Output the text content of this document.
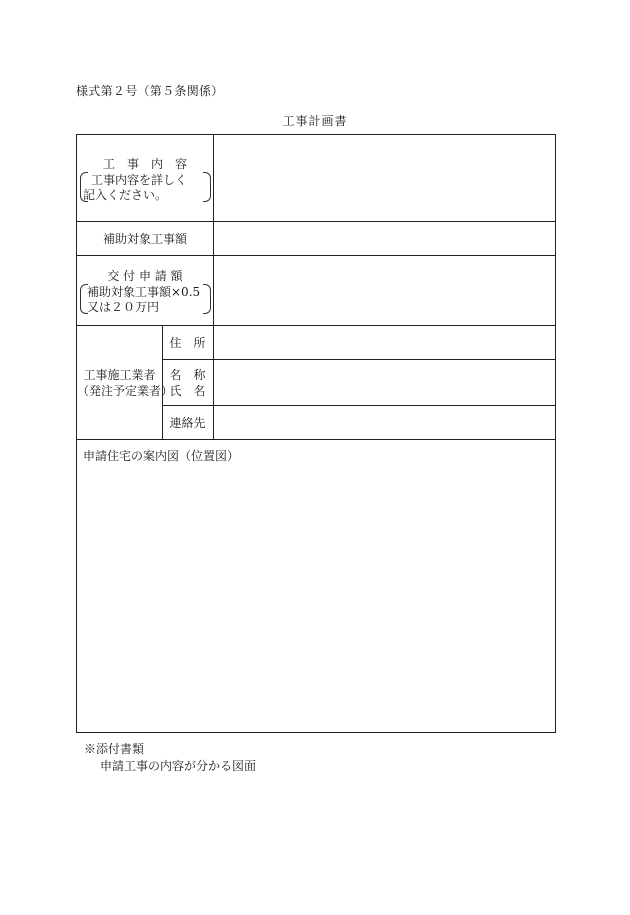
様式第２号（第５条関係）
工事計画書
工　事　内　容
工事内容を詳しく
記入ください。
補助対象工事額
交 付 申 請 額
補助対象工事額×0.5
又は２０万円
工事施工業者
（発注予定業者）
住　所
名　称
氏　名
連絡先
申請住宅の案内図（位置図）
※添付書類
申請工事の内容が分かる図面
